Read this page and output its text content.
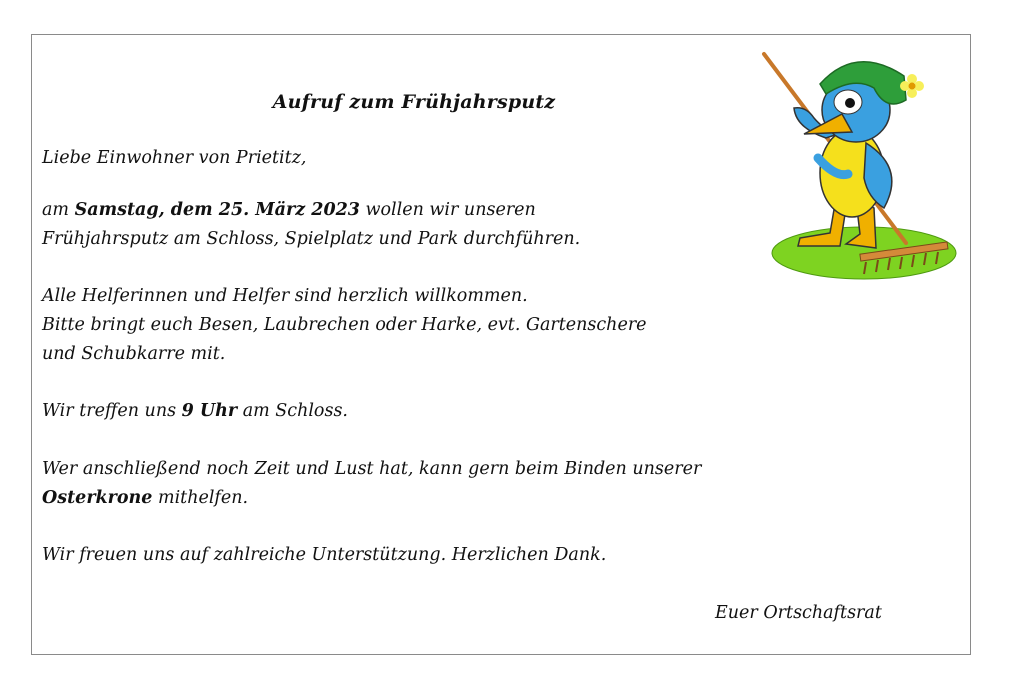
Aufruf zum Frühjahrsputz
Liebe Einwohner von Prietitz,
am Samstag, dem 25. März 2023 wollen wir unseren
Frühjahrsputz am Schloss, Spielplatz und Park durchführen.
Alle Helferinnen und Helfer sind herzlich willkommen.
Bitte bringt euch Besen, Laubrechen oder Harke, evt. Gartenschere
und Schubkarre mit.
Wir treffen uns 9 Uhr am Schloss.
Wer anschließend noch Zeit und Lust hat, kann gern beim Binden unserer
Osterkrone mithelfen.
Wir freuen uns auf zahlreiche Unterstützung. Herzlichen Dank.
Euer Ortschaftsrat
